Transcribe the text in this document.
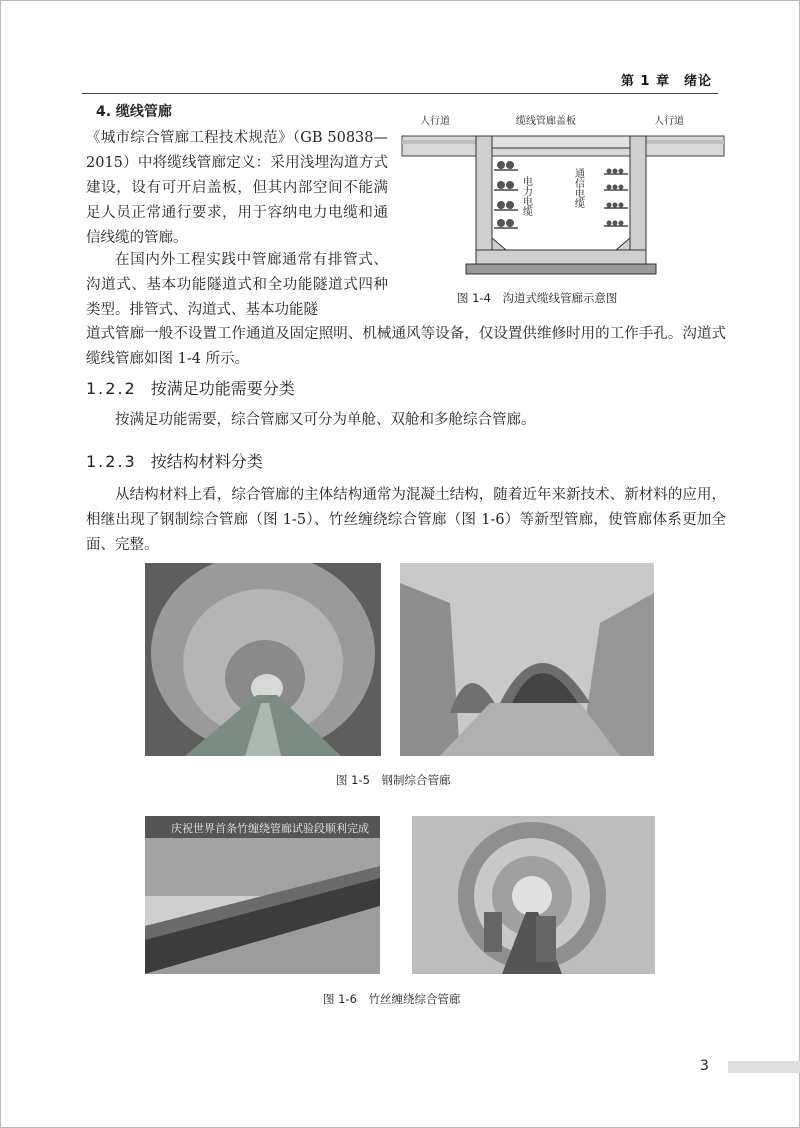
第 1 章　绪论
4. 缆线管廊
《城市综合管廊工程技术规范》（GB 50838—2015）中将缆线管廊定义：采用浅埋沟道方式建设，设有可开启盖板，但其内部空间不能满足人员正常通行要求，用于容纳电力电缆和通信线缆的管廊。
在国内外工程实践中管廊通常有排管式、沟道式、基本功能隧道式和全功能隧道式四种类型。排管式、沟道式、基本功能隧
道式管廊一般不设置工作通道及固定照明、机械通风等设备，仅设置供维修时用的工作手孔。沟道式缆线管廊如图 1-4 所示。
人行道	缆线管廊盖板	人行道
电力电缆	通信电缆
图 1-4　沟道式缆线管廊示意图
1.2.2 按满足功能需要分类
按满足功能需要，综合管廊又可分为单舱、双舱和多舱综合管廊。
1.2.3 按结构材料分类
从结构材料上看，综合管廊的主体结构通常为混凝土结构，随着近年来新技术、新材料的应用，相继出现了钢制综合管廊（图 1-5）、竹丝缠绕综合管廊（图 1-6）等新型管廊，使管廊体系更加全面、完整。
图 1-5　钢制综合管廊
庆祝世界首条竹缠绕管廊试验段顺利完成
图 1-6　竹丝缠绕综合管廊
3
